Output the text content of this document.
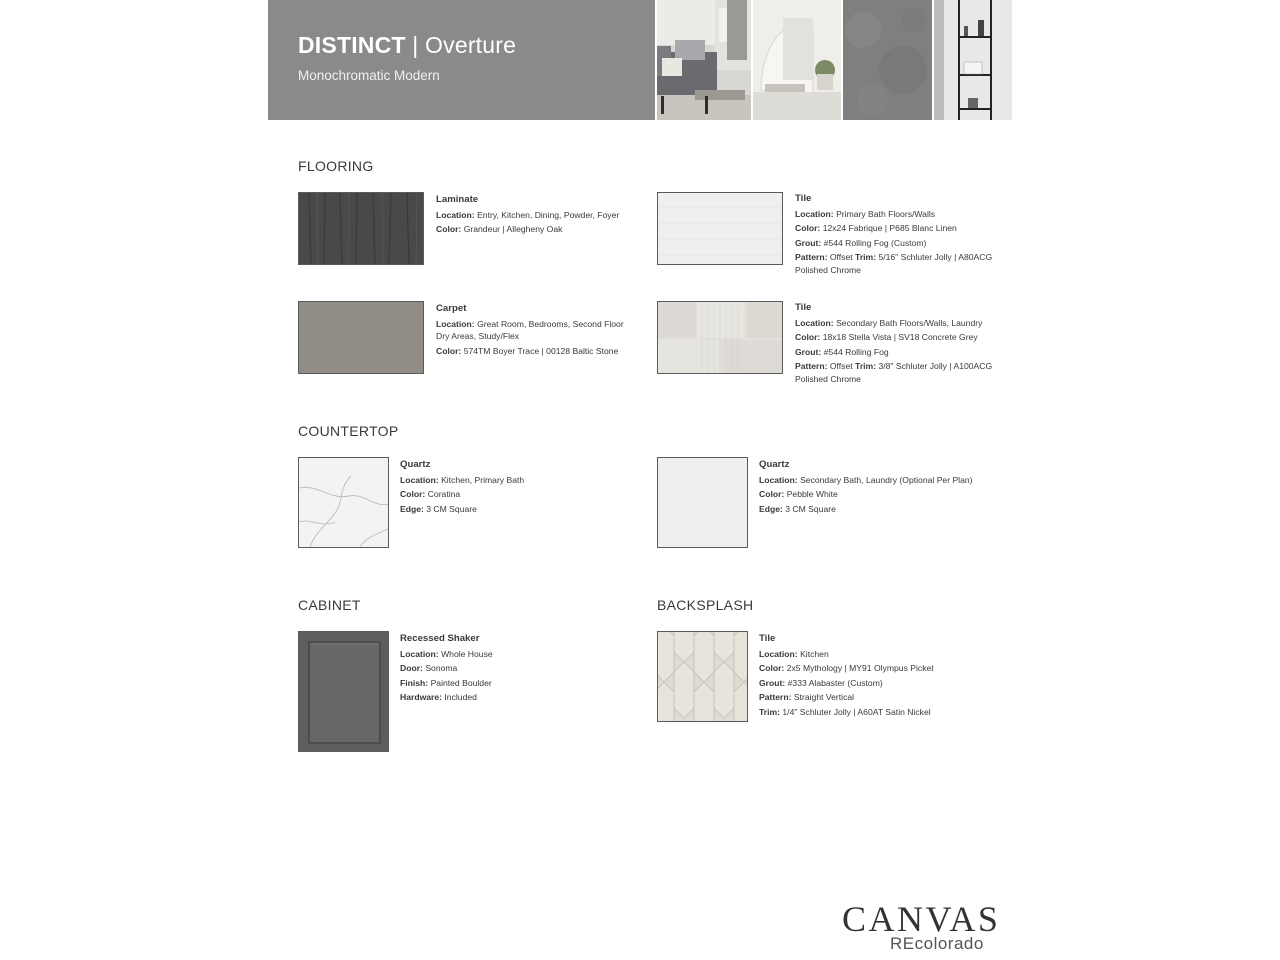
DISTINCT | Overture
Monochromatic Modern
FLOORING
Laminate
Location: Entry, Kitchen, Dining, Powder, Foyer
Color: Grandeur | Allegheny Oak
Tile
Location: Primary Bath Floors/Walls
Color: 12x24 Fabrique | P685 Blanc Linen
Grout: #544 Rolling Fog (Custom)
Pattern: Offset Trim: 5/16" Schluter Jolly | A80ACG Polished Chrome
Carpet
Location: Great Room, Bedrooms, Second Floor Dry Areas, Study/Flex
Color: 574TM Boyer Trace | 00128 Baltic Stone
Tile
Location: Secondary Bath Floors/Walls, Laundry
Color: 18x18 Stella Vista | SV18 Concrete Grey
Grout: #544 Rolling Fog
Pattern: Offset Trim: 3/8" Schluter Jolly | A100ACG Polished Chrome
COUNTERTOP
Quartz
Location: Kitchen, Primary Bath
Color: Coratina
Edge: 3 CM Square
Quartz
Location: Secondary Bath, Laundry (Optional Per Plan)
Color: Pebble White
Edge: 3 CM Square
CABINET
Recessed Shaker
Location: Whole House
Door: Sonoma
Finish: Painted Boulder
Hardware: Included
BACKSPLASH
Tile
Location: Kitchen
Color: 2x5 Mythology | MY91 Olympus Picket
Grout: #333 Alabaster (Custom)
Pattern: Straight Vertical
Trim: 1/4" Schluter Jolly | A60AT Satin Nickel
CANVAS
REcolorado
